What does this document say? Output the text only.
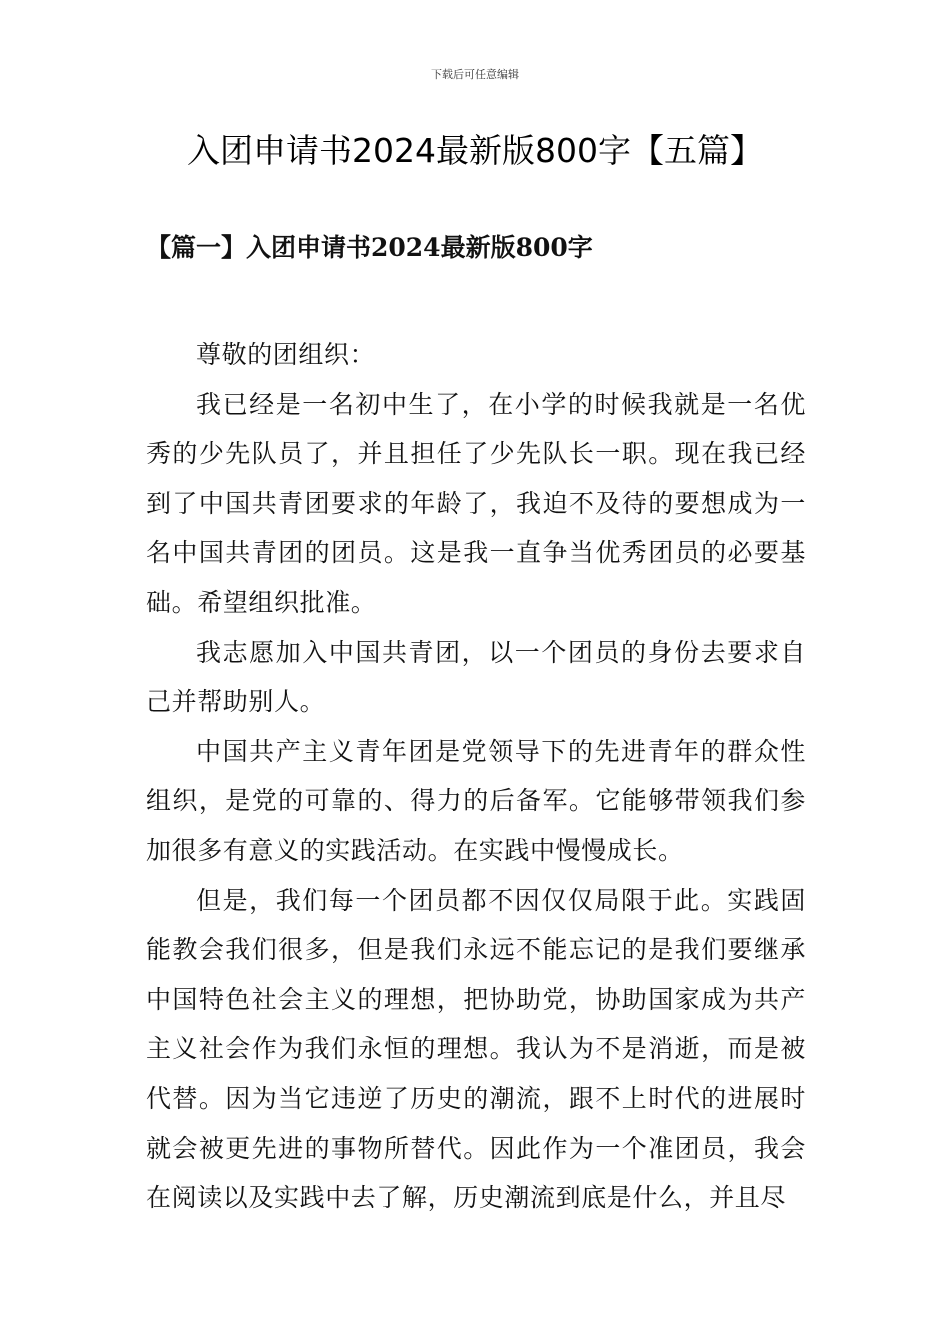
下载后可任意编辑
入团申请书2024最新版800字【五篇】
【篇一】入团申请书2024最新版800字

尊敬的团组织：

我已经是一名初中生了，在小学的时候我就是一名优秀的少先队员了，并且担任了少先队长一职。现在我已经到了中国共青团要求的年龄了，我迫不及待的要想成为一名中国共青团的团员。这是我一直争当优秀团员的必要基础。希望组织批准。

我志愿加入中国共青团，以一个团员的身份去要求自己并帮助别人。

中国共产主义青年团是党领导下的先进青年的群众性组织，是党的可靠的、得力的后备军。它能够带领我们参加很多有意义的实践活动。在实践中慢慢成长。

但是，我们每一个团员都不因仅仅局限于此。实践固能教会我们很多，但是我们永远不能忘记的是我们要继承中国特色社会主义的理想，把协助党，协助国家成为共产主义社会作为我们永恒的理想。我认为不是消逝，而是被代替。因为当它违逆了历史的潮流，跟不上时代的进展时就会被更先进的事物所替代。因此作为一个准团员，我会在阅读以及实践中去了解，历史潮流到底是什么，并且尽
